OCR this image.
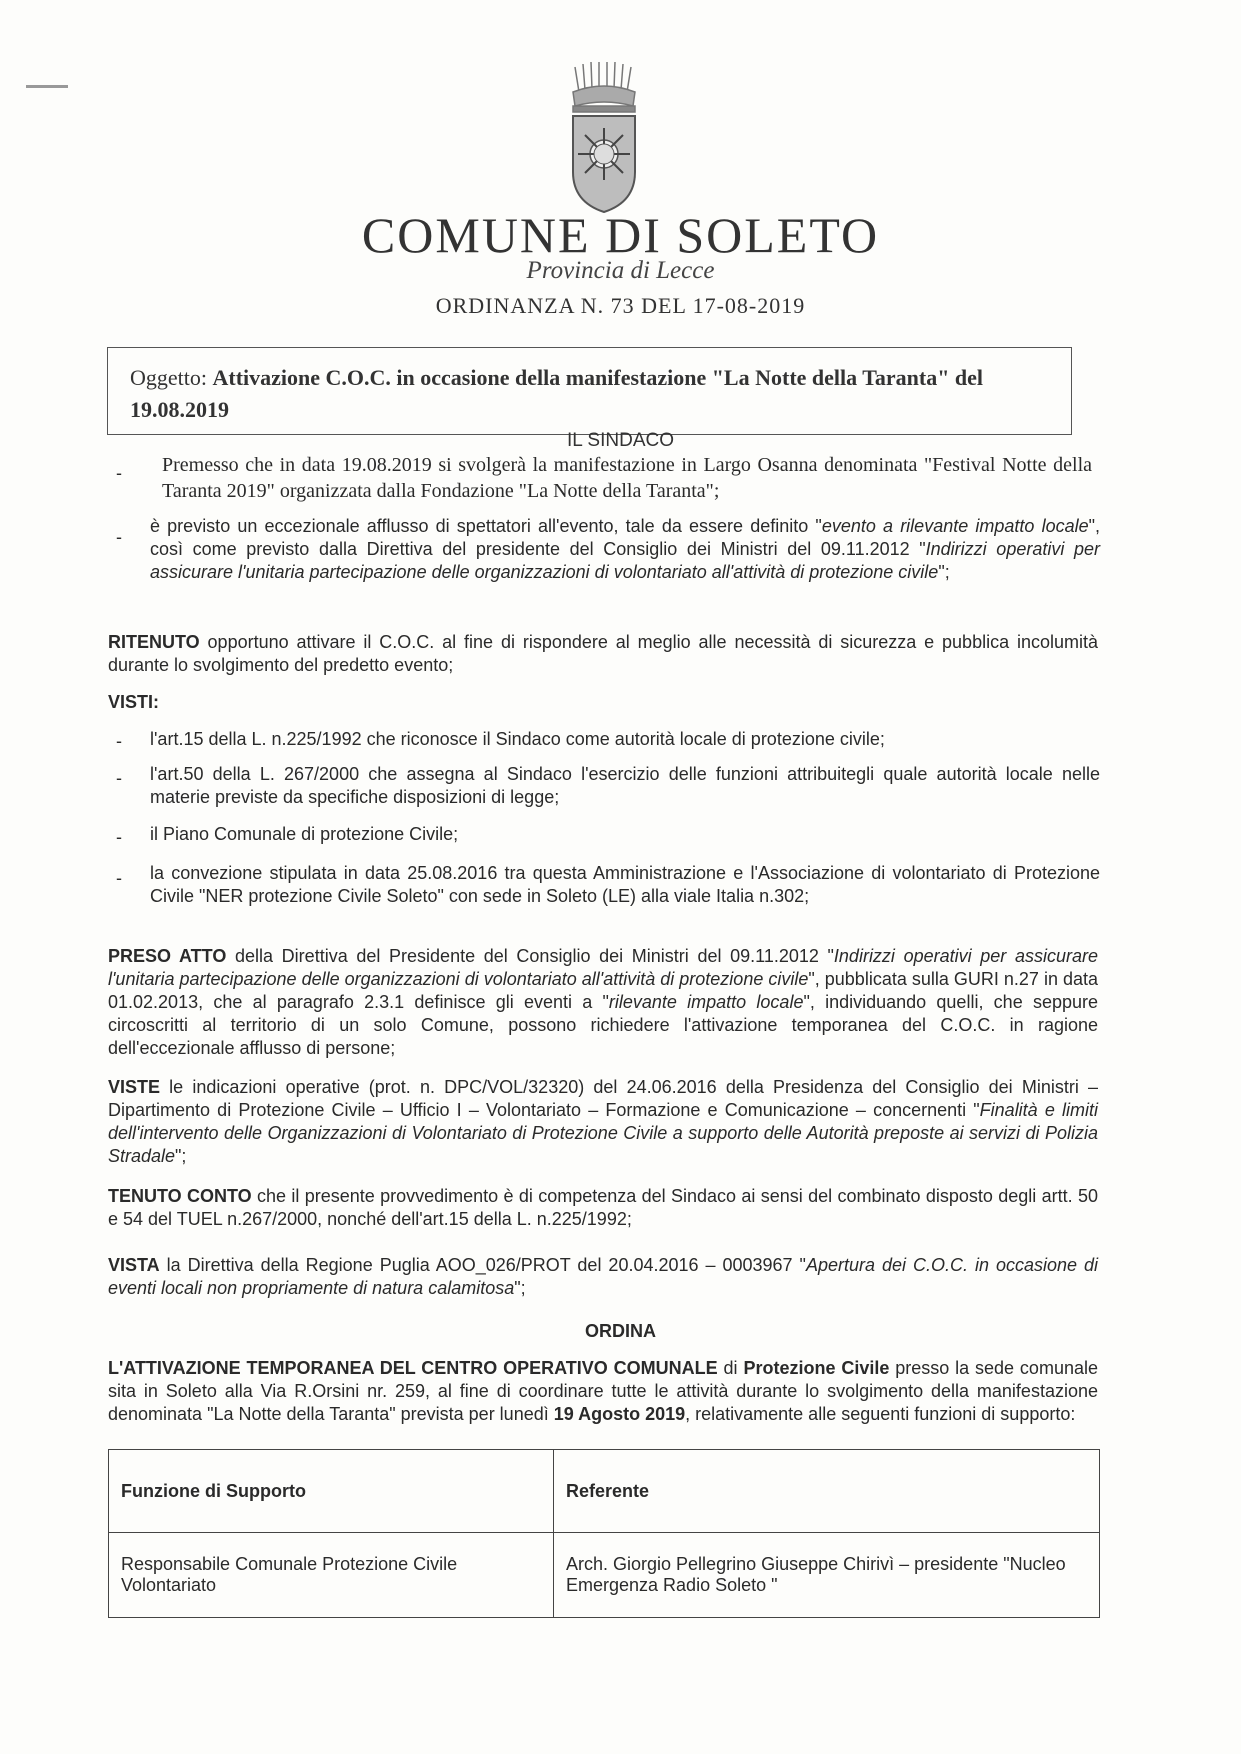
COMUNE DI SOLETO
Provincia di Lecce
ORDINANZA N. 73 DEL 17-08-2019
Oggetto: Attivazione C.O.C. in occasione della manifestazione "La Notte della Taranta" del 19.08.2019
IL SINDACO
- Premesso che in data 19.08.2019 si svolgerà la manifestazione in Largo Osanna denominata "Festival Notte della Taranta 2019" organizzata dalla Fondazione "La Notte della Taranta";
-
è previsto un eccezionale afflusso di spettatori all'evento, tale da essere definito "evento a rilevante impatto locale", così come previsto dalla Direttiva del presidente del Consiglio dei Ministri del 09.11.2012 "Indirizzi operativi per assicurare l'unitaria partecipazione delle organizzazioni di volontariato all'attività di protezione civile";
RITENUTO opportuno attivare il C.O.C. al fine di rispondere al meglio alle necessità di sicurezza e pubblica incolumità durante lo svolgimento del predetto evento;
VISTI:
- l'art.15 della L. n.225/1992 che riconosce il Sindaco come autorità locale di protezione civile;
- l'art.50 della L. 267/2000 che assegna al Sindaco l'esercizio delle funzioni attribuitegli quale autorità locale nelle materie previste da specifiche disposizioni di legge;
- il Piano Comunale di protezione Civile;
- la convezione stipulata in data 25.08.2016 tra questa Amministrazione e l'Associazione di volontariato di Protezione Civile "NER protezione Civile Soleto" con sede in Soleto (LE) alla viale Italia n.302;
PRESO ATTO della Direttiva del Presidente del Consiglio dei Ministri del 09.11.2012 "Indirizzi operativi per assicurare l'unitaria partecipazione delle organizzazioni di volontariato all'attività di protezione civile", pubblicata sulla GURI n.27 in data 01.02.2013, che al paragrafo 2.3.1 definisce gli eventi a "rilevante impatto locale", individuando quelli, che seppure circoscritti al territorio di un solo Comune, possono richiedere l'attivazione temporanea del C.O.C. in ragione dell'eccezionale afflusso di persone;
VISTE le indicazioni operative (prot. n. DPC/VOL/32320) del 24.06.2016 della Presidenza del Consiglio dei Ministri – Dipartimento di Protezione Civile – Ufficio I – Volontariato – Formazione e Comunicazione – concernenti "Finalità e limiti dell'intervento delle Organizzazioni di Volontariato di Protezione Civile a supporto delle Autorità preposte ai servizi di Polizia Stradale";
TENUTO CONTO che il presente provvedimento è di competenza del Sindaco ai sensi del combinato disposto degli artt. 50 e 54 del TUEL n.267/2000, nonché dell'art.15 della L. n.225/1992;
VISTA la Direttiva della Regione Puglia AOO_026/PROT del 20.04.2016 – 0003967 "Apertura dei C.O.C. in occasione di eventi locali non propriamente di natura calamitosa";
ORDINA
L'ATTIVAZIONE TEMPORANEA DEL CENTRO OPERATIVO COMUNALE di Protezione Civile presso la sede comunale sita in Soleto alla Via R.Orsini nr. 259, al fine di coordinare tutte le attività durante lo svolgimento della manifestazione denominata "La Notte della Taranta" prevista per lunedì 19 Agosto 2019, relativamente alle seguenti funzioni di supporto:
Funzione di Supporto	Referente
Responsabile Comunale Protezione Civile Volontariato	Arch. Giorgio Pellegrino Giuseppe Chirivì – presidente "Nucleo Emergenza Radio Soleto "
